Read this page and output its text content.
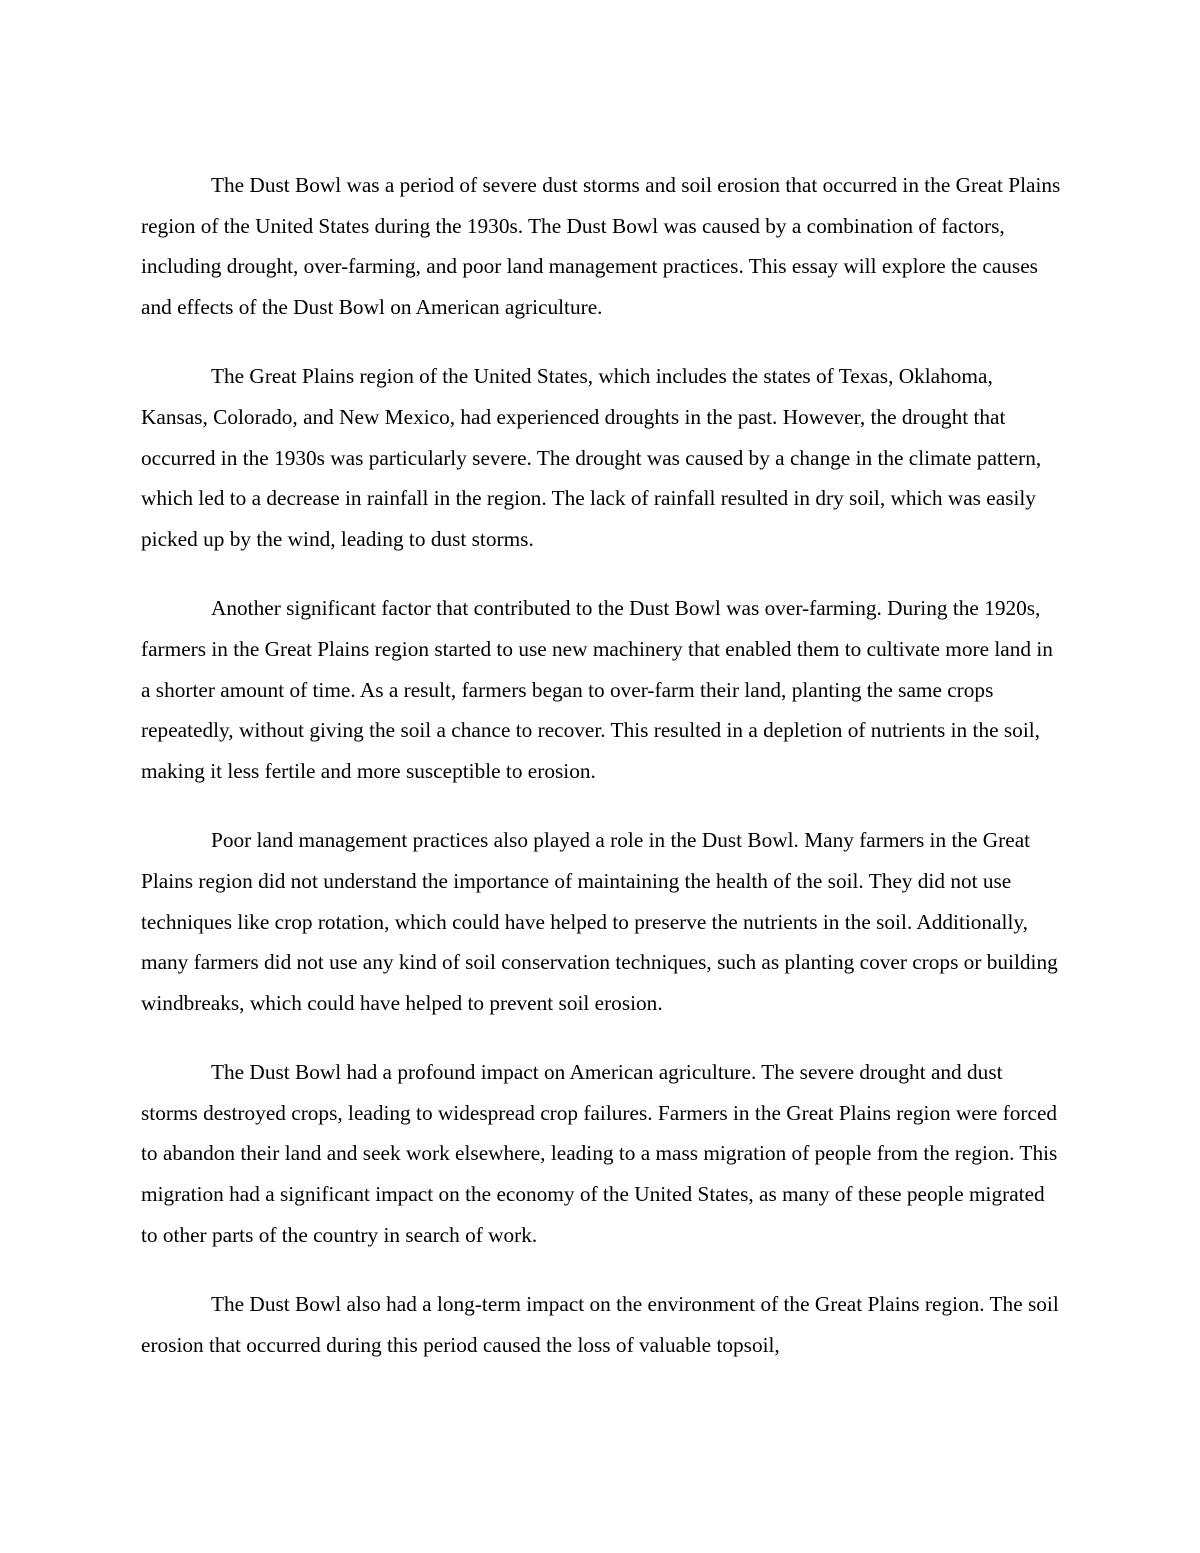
The Dust Bowl was a period of severe dust storms and soil erosion that occurred in the Great Plains region of the United States during the 1930s. The Dust Bowl was caused by a combination of factors, including drought, over-farming, and poor land management practices. This essay will explore the causes and effects of the Dust Bowl on American agriculture.

The Great Plains region of the United States, which includes the states of Texas, Oklahoma, Kansas, Colorado, and New Mexico, had experienced droughts in the past. However, the drought that occurred in the 1930s was particularly severe. The drought was caused by a change in the climate pattern, which led to a decrease in rainfall in the region. The lack of rainfall resulted in dry soil, which was easily picked up by the wind, leading to dust storms.

Another significant factor that contributed to the Dust Bowl was over-farming. During the 1920s, farmers in the Great Plains region started to use new machinery that enabled them to cultivate more land in a shorter amount of time. As a result, farmers began to over-farm their land, planting the same crops repeatedly, without giving the soil a chance to recover. This resulted in a depletion of nutrients in the soil, making it less fertile and more susceptible to erosion.

Poor land management practices also played a role in the Dust Bowl. Many farmers in the Great Plains region did not understand the importance of maintaining the health of the soil. They did not use techniques like crop rotation, which could have helped to preserve the nutrients in the soil. Additionally, many farmers did not use any kind of soil conservation techniques, such as planting cover crops or building windbreaks, which could have helped to prevent soil erosion.

The Dust Bowl had a profound impact on American agriculture. The severe drought and dust storms destroyed crops, leading to widespread crop failures. Farmers in the Great Plains region were forced to abandon their land and seek work elsewhere, leading to a mass migration of people from the region. This migration had a significant impact on the economy of the United States, as many of these people migrated to other parts of the country in search of work.

The Dust Bowl also had a long-term impact on the environment of the Great Plains region. The soil erosion that occurred during this period caused the loss of valuable topsoil,
